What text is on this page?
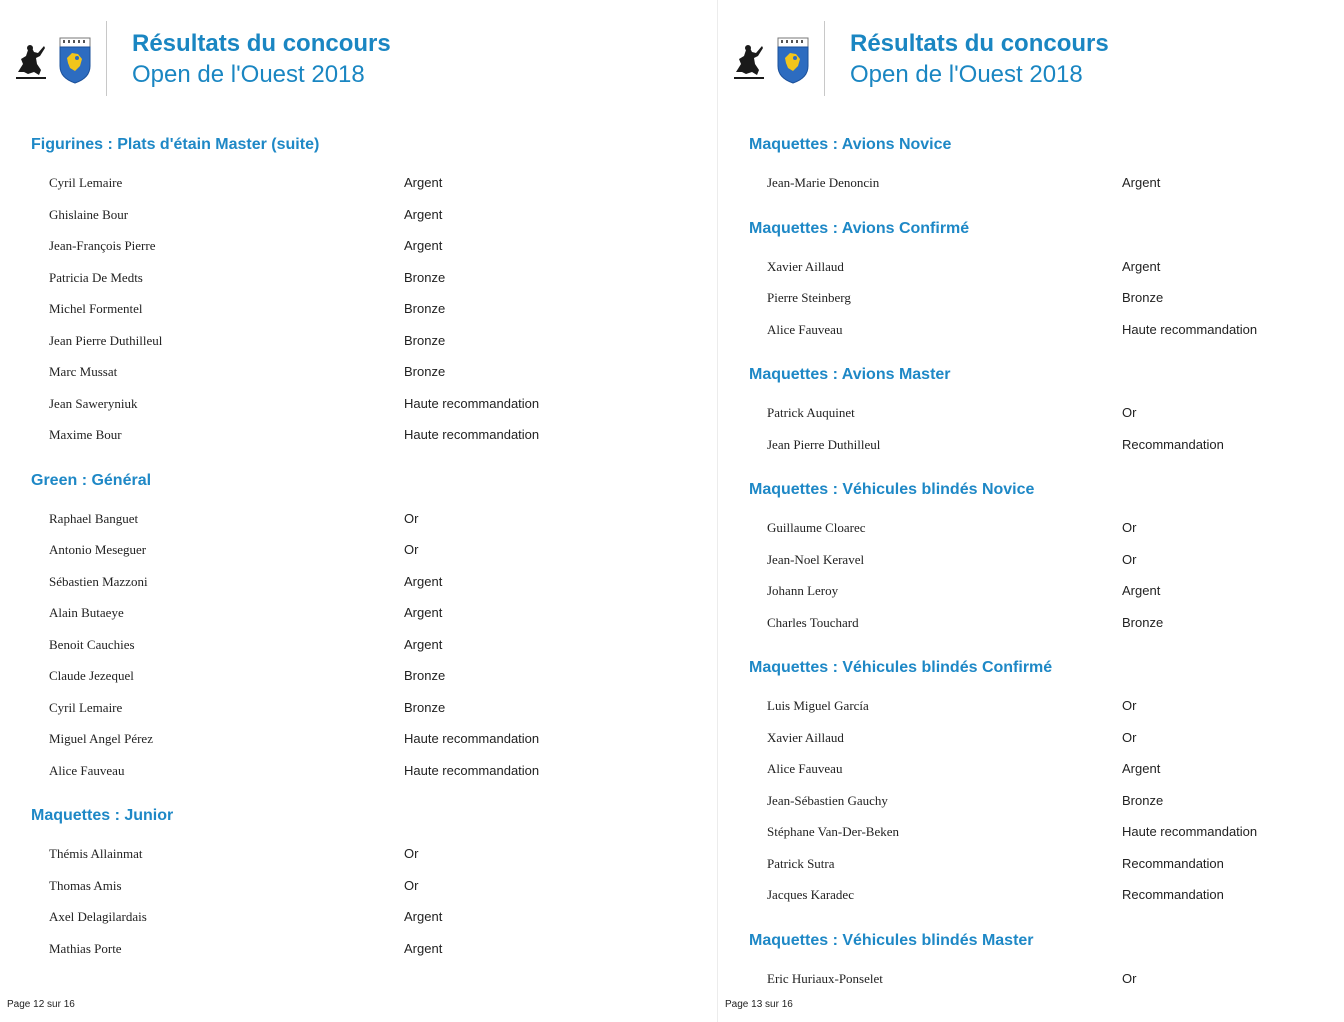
Résultats du concours
Open de l'Ouest 2018
Figurines : Plats d'étain Master (suite)
Cyril Lemaire	Argent
Ghislaine Bour	Argent
Jean-François Pierre	Argent
Patricia De Medts	Bronze
Michel Formentel	Bronze
Jean Pierre Duthilleul	Bronze
Marc Mussat	Bronze
Jean Saweryniuk	Haute recommandation
Maxime Bour	Haute recommandation
Green : Général
Raphael Banguet	Or
Antonio Meseguer	Or
Sébastien Mazzoni	Argent
Alain Butaeye	Argent
Benoit Cauchies	Argent
Claude Jezequel	Bronze
Cyril Lemaire	Bronze
Miguel Angel Pérez	Haute recommandation
Alice Fauveau	Haute recommandation
Maquettes : Junior
Thémis Allainmat	Or
Thomas Amis	Or
Axel Delagilardais	Argent
Mathias Porte	Argent
Page 12 sur 16
Résultats du concours
Open de l'Ouest 2018
Maquettes : Avions Novice
Jean-Marie Denoncin	Argent
Maquettes : Avions Confirmé
Xavier Aillaud	Argent
Pierre Steinberg	Bronze
Alice Fauveau	Haute recommandation
Maquettes : Avions Master
Patrick Auquinet	Or
Jean Pierre Duthilleul	Recommandation
Maquettes : Véhicules blindés Novice
Guillaume Cloarec	Or
Jean-Noel Keravel	Or
Johann Leroy	Argent
Charles Touchard	Bronze
Maquettes : Véhicules blindés Confirmé
Luis Miguel García	Or
Xavier Aillaud	Or
Alice Fauveau	Argent
Jean-Sébastien Gauchy	Bronze
Stéphane Van-Der-Beken	Haute recommandation
Patrick Sutra	Recommandation
Jacques Karadec	Recommandation
Maquettes : Véhicules blindés Master
Eric Huriaux-Ponselet	Or
Page 13 sur 16
